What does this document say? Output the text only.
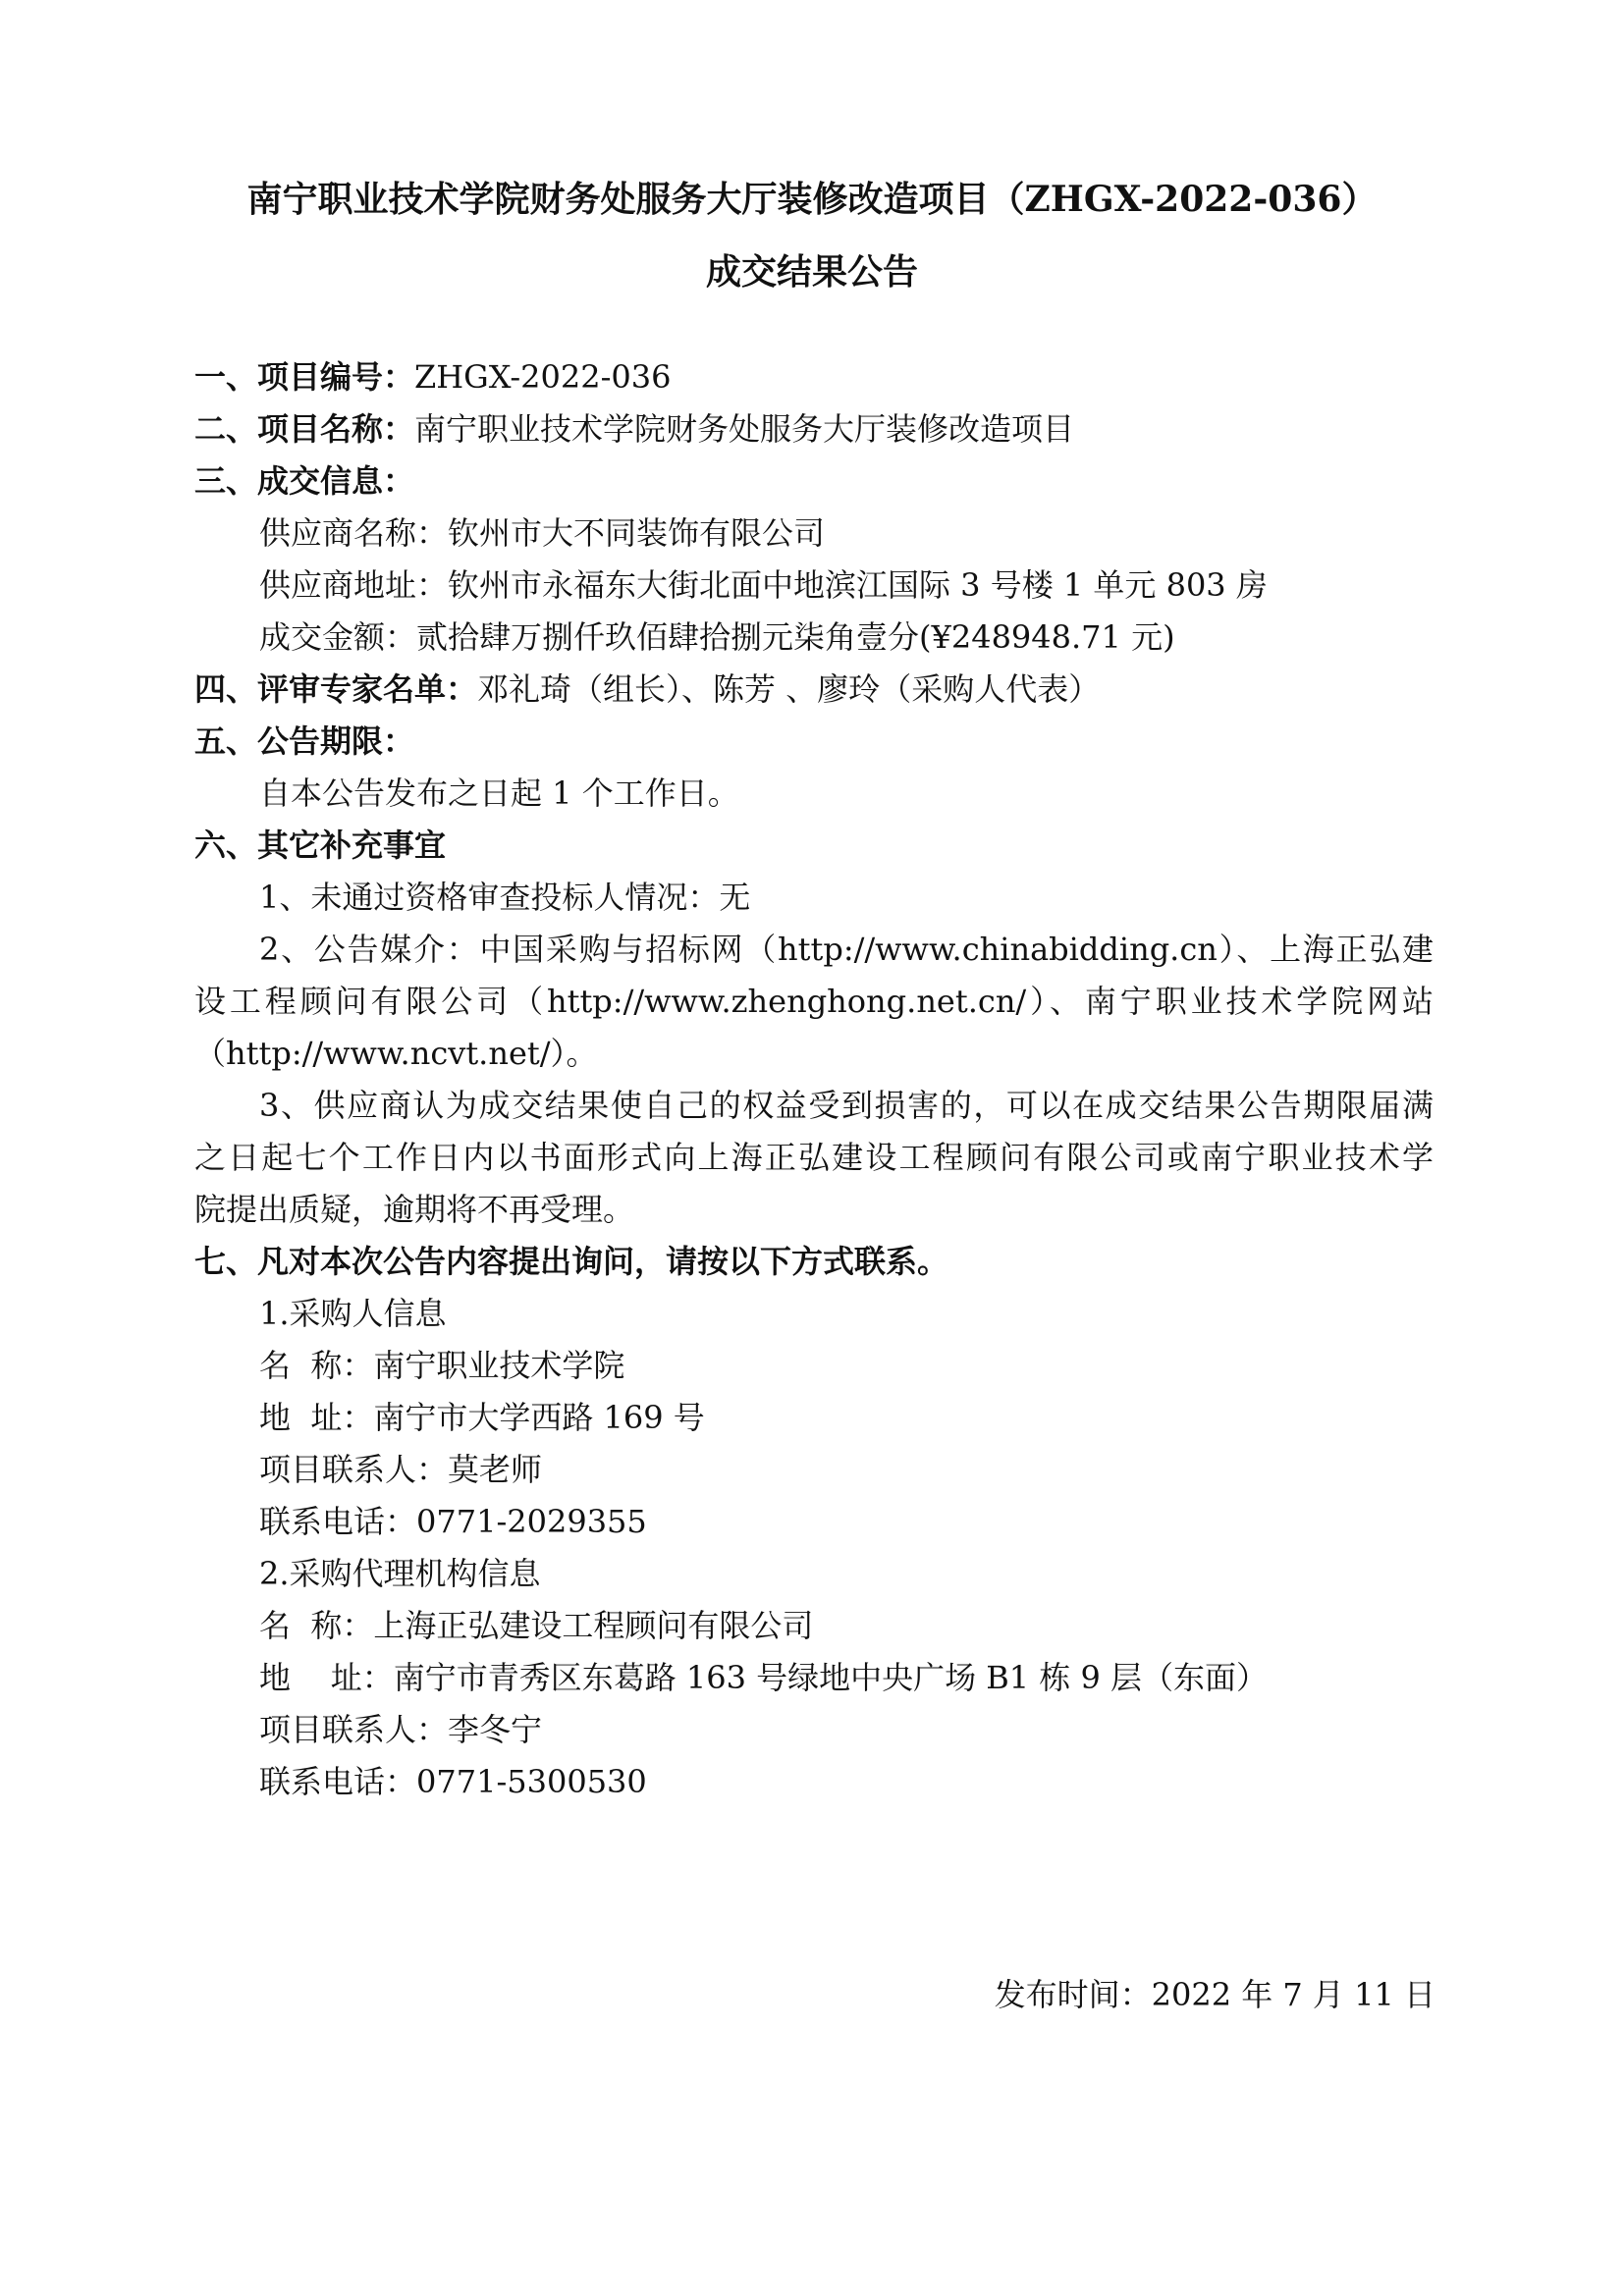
南宁职业技术学院财务处服务大厅装修改造项目（ZHGX-2022-036）
成交结果公告
一、项目编号：ZHGX-2022-036
二、项目名称：南宁职业技术学院财务处服务大厅装修改造项目
三、成交信息：
供应商名称：钦州市大不同装饰有限公司
供应商地址：钦州市永福东大街北面中地滨江国际 3 号楼 1 单元 803 房
成交金额：贰拾肆万捌仟玖佰肆拾捌元柒角壹分(¥248948.71 元)
四、评审专家名单：邓礼琦（组长）、陈芳 、廖玲（采购人代表）
五、公告期限：
自本公告发布之日起 1 个工作日。
六、其它补充事宜
1、未通过资格审查投标人情况：无
2、公告媒介：中国采购与招标网（http://www.chinabidding.cn）、上海正弘建
设工程顾问有限公司（http://www.zhenghong.net.cn/）、南宁职业技术学院网站
（http://www.ncvt.net/）。
3、供应商认为成交结果使自己的权益受到损害的，可以在成交结果公告期限届满
之日起七个工作日内以书面形式向上海正弘建设工程顾问有限公司或南宁职业技术学
院提出质疑，逾期将不再受理。
七、凡对本次公告内容提出询问，请按以下方式联系。
1.采购人信息
名  称：南宁职业技术学院
地  址：南宁市大学西路 169 号
项目联系人：莫老师
联系电话：0771-2029355
2.采购代理机构信息
名  称：上海正弘建设工程顾问有限公司
地    址：南宁市青秀区东葛路 163 号绿地中央广场 B1 栋 9 层（东面）
项目联系人：李冬宁
联系电话：0771-5300530
发布时间：2022 年 7 月 11 日
